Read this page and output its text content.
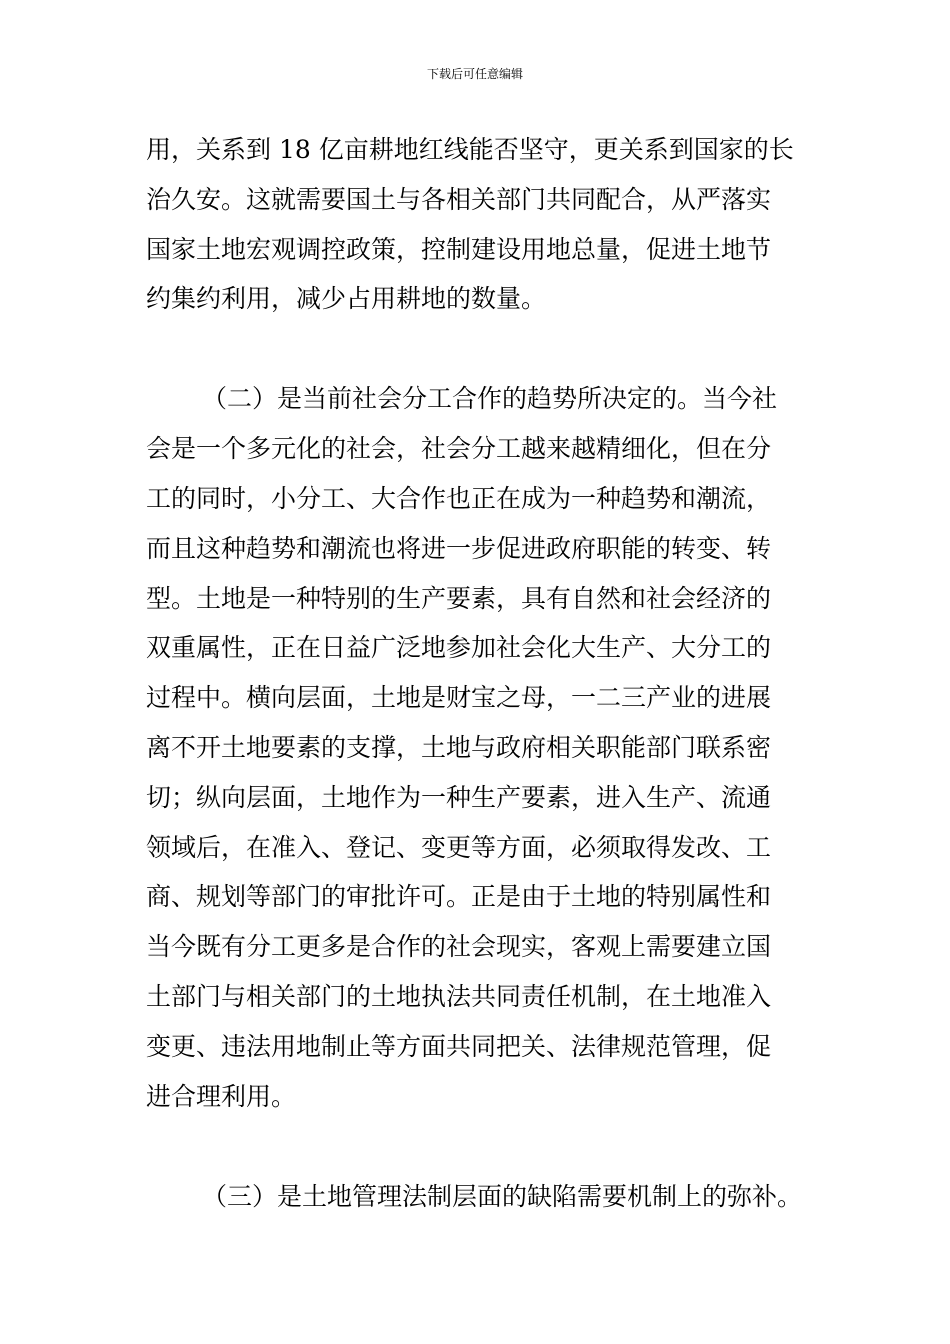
下载后可任意编辑
用，关系到 18 亿亩耕地红线能否坚守，更关系到国家的长
治久安。这就需要国土与各相关部门共同配合，从严落实
国家土地宏观调控政策，控制建设用地总量，促进土地节
约集约利用，减少占用耕地的数量。
（二）是当前社会分工合作的趋势所决定的。当今社
会是一个多元化的社会，社会分工越来越精细化，但在分
工的同时，小分工、大合作也正在成为一种趋势和潮流，
而且这种趋势和潮流也将进一步促进政府职能的转变、转
型。土地是一种特别的生产要素，具有自然和社会经济的
双重属性，正在日益广泛地参加社会化大生产、大分工的
过程中。横向层面，土地是财宝之母，一二三产业的进展
离不开土地要素的支撑，土地与政府相关职能部门联系密
切；纵向层面，土地作为一种生产要素，进入生产、流通
领域后，在准入、登记、变更等方面，必须取得发改、工
商、规划等部门的审批许可。正是由于土地的特别属性和
当今既有分工更多是合作的社会现实，客观上需要建立国
土部门与相关部门的土地执法共同责任机制，在土地准入
变更、违法用地制止等方面共同把关、法律规范管理，促
进合理利用。
（三）是土地管理法制层面的缺陷需要机制上的弥补。
